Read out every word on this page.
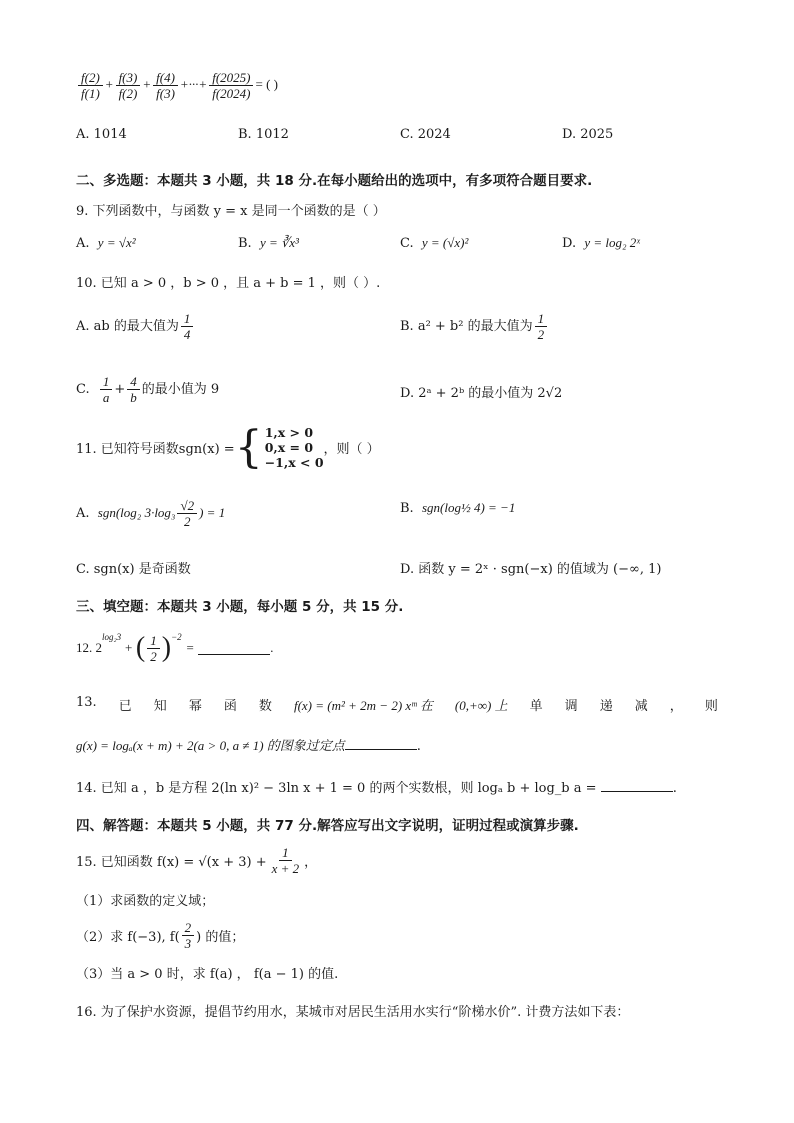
$\frac{f(2)}{f(1)} + \frac{f(3)}{f(2)} + \frac{f(4)}{f(3)}$ +···+ $\frac{f(2025)}{f(2024)}$ = ( )
A. 1014	B. 1012	C. 2024	D. 2025
二、多选题：本题共 3 小题，共 18 分.在每小题给出的选项中，有多项符合题目要求.
9. 下列函数中，与函数 y = x 是同一个函数的是（ ）
A. y = √x²	B. y = ∛x³	C. y = (√x)²	D. y = log₂ 2ˣ
10. 已知 a > 0 ，b > 0 ，且 a + b = 1 ，则（ ）.
A. ab 的最大值为 $\frac{1}{4}$	B. a² + b² 的最大值为 $\frac{1}{2}$
C. $\frac{1}{a} + \frac{4}{b}$ 的最小值为 9	D. 2ᵃ + 2ᵇ 的最小值为 2√2
11. 已知符号函数sgn(x) = { 1,x > 0
0,x = 0
−1,x < 0
，则（ ）
A. sgn(log₂ $3\cdot\log_3 \frac{√2}{2}$ ) = 1	B. sgn(log½ 4) = −1
C. sgn(x) 是奇函数	D. 函数 y = 2ˣ · sgn(−x) 的值域为 (−∞, 1)
三、填空题：本题共 3 小题，每小题 5 分，共 15 分.
12. 2
$^{log_23}$
+ ( $\frac{1}{2} )^{-2}$
=	.
13. 已 知 幂 函 数 f(x) = (m² + 2m − 2) xᵐ 在 (0,+∞) 上 单 调 递 减 ， 则
g(x) = logₐ(x + m) + 2(a > 0, a ≠ 1) 的图象过定点	.
14. 已知 a ，b 是方程 2(ln x)² − 3ln x + 1 = 0 的两个实数根，则 logₐ b + log_b a =	.
四、解答题：本题共 5 小题，共 77 分.解答应写出文字说明，证明过程或演算步骤.
15. 已知函数 $f(x) = √(x + 3) + \frac{1}{x + 2}$ ，
（1）求函数的定义域；
（2）求 f(−3), $f( \frac{2}{3}$ ) 的值；
（3）当 a > 0 时，求 f(a) ， f(a − 1) 的值.
16. 为了保护水资源，提倡节约用水，某城市对居民生活用水实行“阶梯水价”. 计费方法如下表：
